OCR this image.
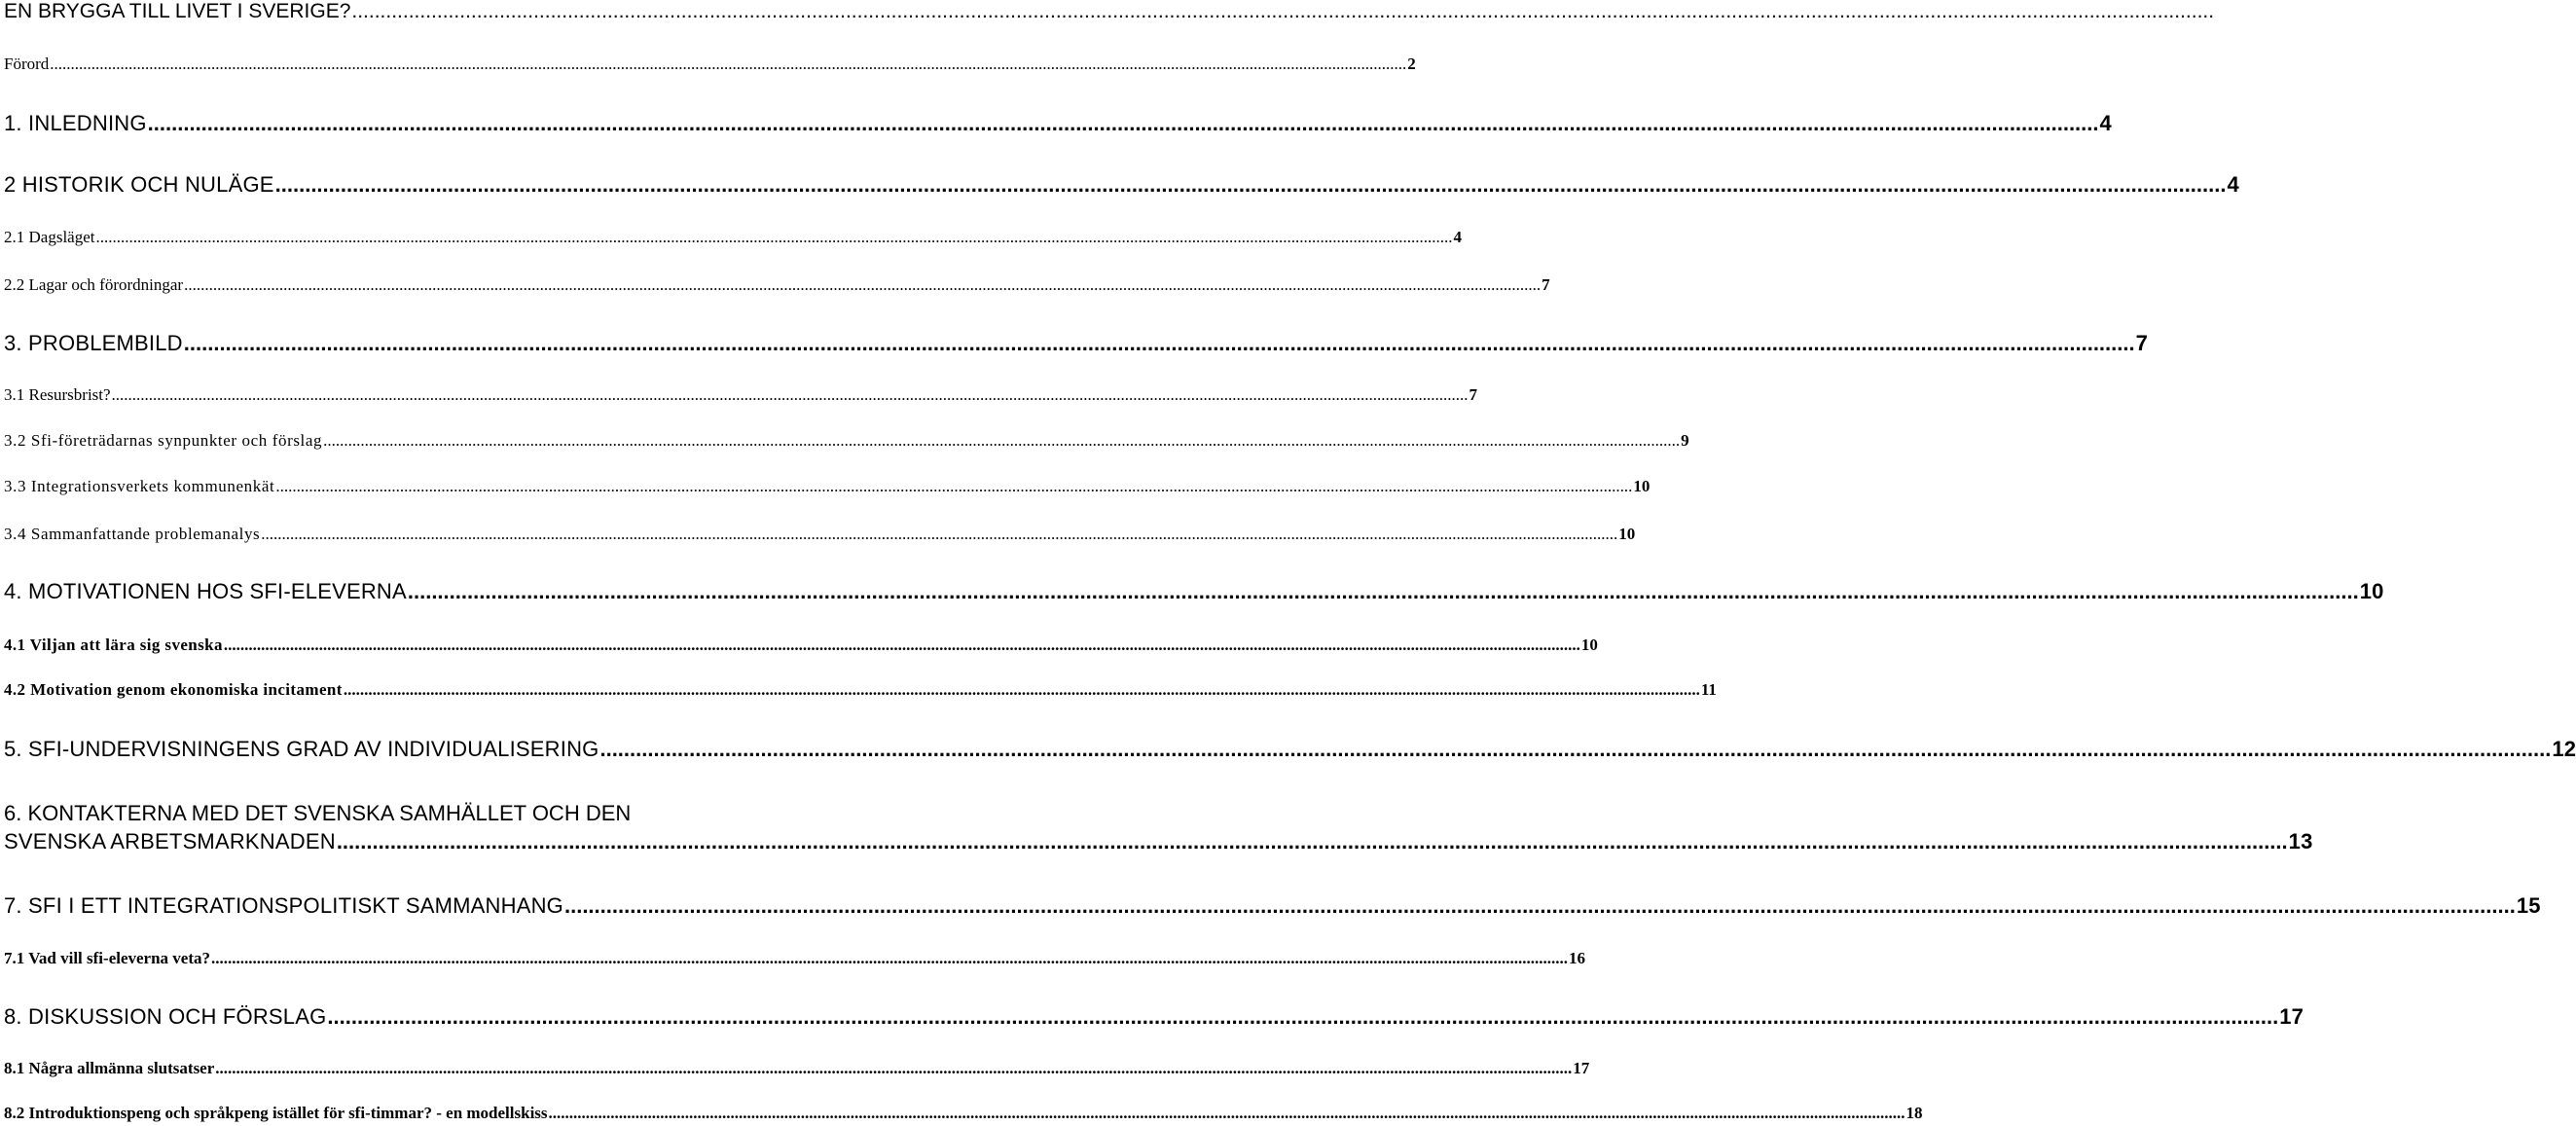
EN BRYGGA TILL LIVET I SVERIGE?
.....
Förord .....	2
1. INLEDNING .....	4
2 HISTORIK OCH NULÄGE .....	4
2.1 Dagsläget .....	4
2.2 Lagar och förordningar .....	7
3. PROBLEMBILD .....	7
3.1 Resursbrist? .....	7
3.2 Sfi-företrädarnas synpunkter och förslag .....	9
3.3 Integrationsverkets kommunenkät .....	10
3.4 Sammanfattande problemanalys .....	10
4. MOTIVATIONEN HOS SFI-ELEVERNA .....	10
4.1 Viljan att lära sig svenska .....	10
4.2 Motivation genom ekonomiska incitament .....	11
5. SFI-UNDERVISNINGENS GRAD AV INDIVIDUALISERING .....	12
6. KONTAKTERNA MED DET SVENSKA SAMHÄLLET OCH DEN
SVENSKA ARBETSMARKNADEN .....	13
7. SFI I ETT INTEGRATIONSPOLITISKT SAMMANHANG .....	15
7.1 Vad vill sfi-eleverna veta? .....	16
8. DISKUSSION OCH FÖRSLAG .....	17
8.1 Några allmänna slutsatser .....	17
8.2 Introduktionspeng och språkpeng istället för sfi-timmar? - en modellskiss .....	18
